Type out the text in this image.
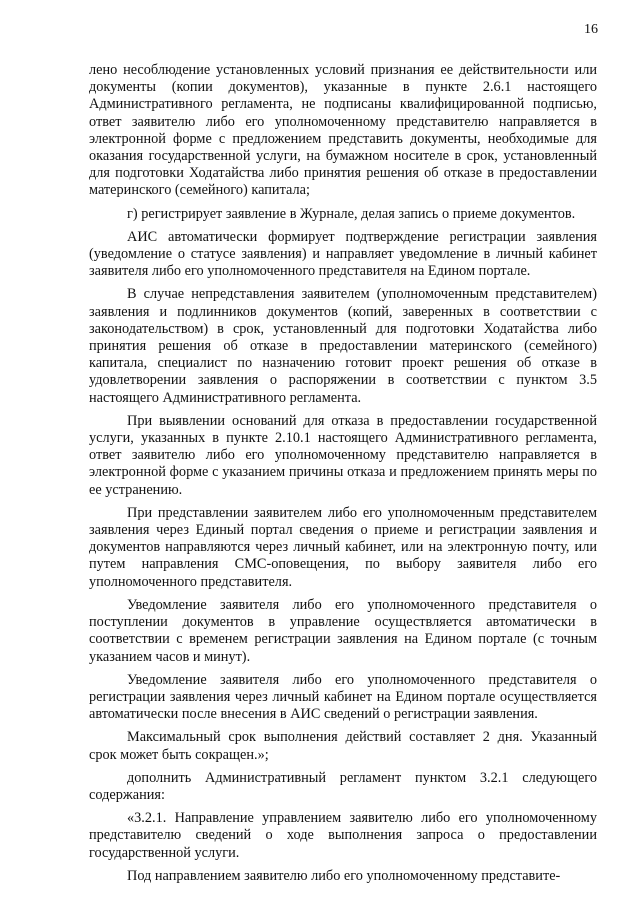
16

лено несоблюдение установленных условий признания ее действительности или документы (копии документов), указанные в пункте 2.6.1 настоящего Административного регламента, не подписаны квалифицированной подписью, ответ заявителю либо его уполномоченному представителю направляется в электронной форме с предложением представить документы, необходимые для оказания государственной услуги, на бумажном носителе в срок, установленный для подготовки Ходатайства либо принятия решения об отказе в предоставлении материнского (семейного) капитала;

г) регистрирует заявление в Журнале, делая запись о приеме документов.

АИС автоматически формирует подтверждение регистрации заявления (уведомление о статусе заявления) и направляет уведомление в личный кабинет заявителя либо его уполномоченного представителя на Едином портале.

В случае непредставления заявителем (уполномоченным представителем) заявления и подлинников документов (копий, заверенных в соответствии с законодательством) в срок, установленный для подготовки Ходатайства либо принятия решения об отказе в предоставлении материнского (семейного) капитала, специалист по назначению готовит проект решения об отказе в удовлетворении заявления о распоряжении в соответствии с пунктом 3.5 настоящего Административного регламента.

При выявлении оснований для отказа в предоставлении государственной услуги, указанных в пункте 2.10.1 настоящего Административного регламента, ответ заявителю либо его уполномоченному представителю направляется в электронной форме с указанием причины отказа и предложением принять меры по ее устранению.

При представлении заявителем либо его уполномоченным представителем заявления через Единый портал сведения о приеме и регистрации заявления и документов направляются через личный кабинет, или на электронную почту, или путем направления СМС-оповещения, по выбору заявителя либо его уполномоченного представителя.

Уведомление заявителя либо его уполномоченного представителя о поступлении документов в управление осуществляется автоматически в соответствии с временем регистрации заявления на Едином портале (с точным указанием часов и минут).

Уведомление заявителя либо его уполномоченного представителя о регистрации заявления через личный кабинет на Едином портале осуществляется автоматически после внесения в АИС сведений о регистрации заявления.

Максимальный срок выполнения действий составляет 2 дня. Указанный срок может быть сокращен.»;

дополнить Административный регламент пунктом 3.2.1 следующего содержания:

«3.2.1. Направление управлением заявителю либо его уполномоченному представителю сведений о ходе выполнения запроса о предоставлении государственной услуги.

Под направлением заявителю либо его уполномоченному представите-
